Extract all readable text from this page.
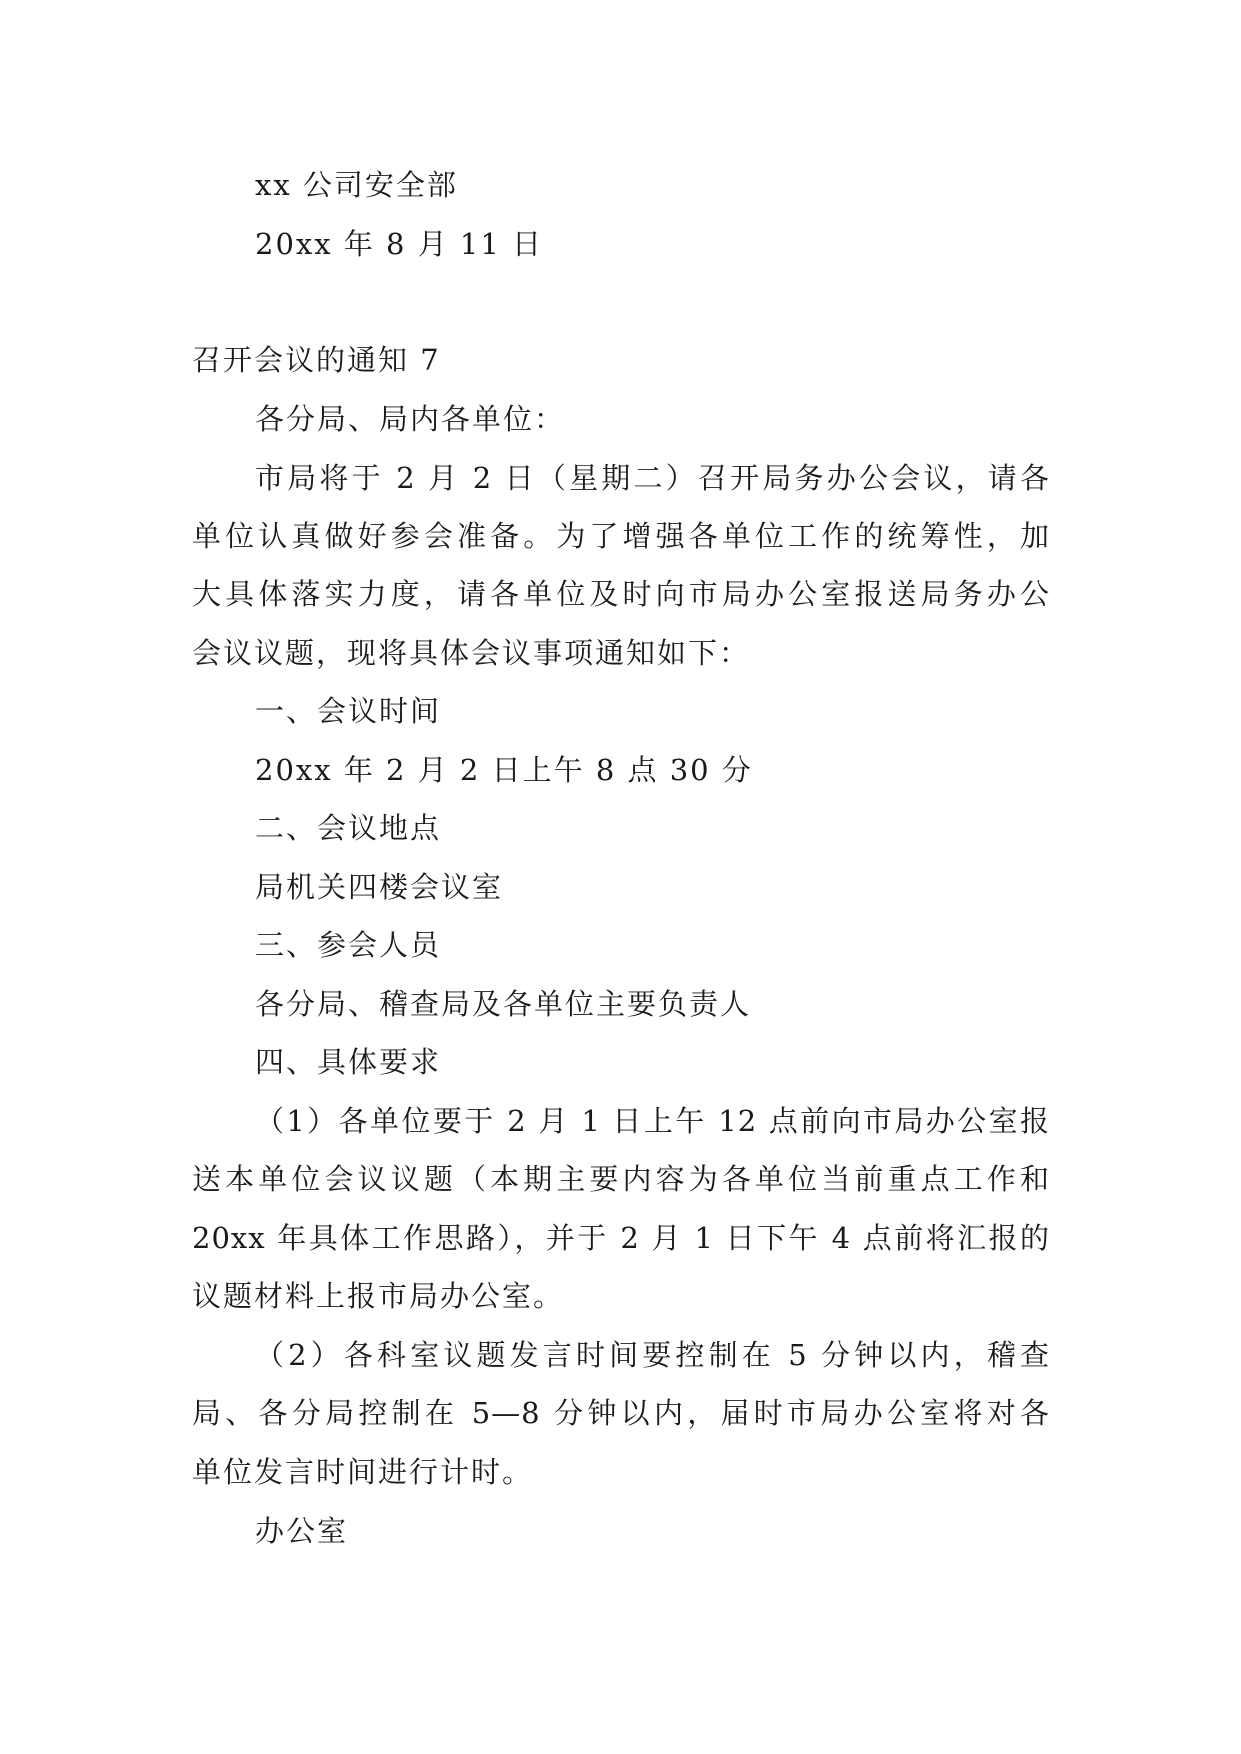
xx 公司安全部
20xx 年 8 月 11 日
召开会议的通知 7
各分局、局内各单位：
市局将于 2 月 2 日（星期二）召开局务办公会议，请各
单位认真做好参会准备。为了增强各单位工作的统筹性，加
大具体落实力度，请各单位及时向市局办公室报送局务办公
会议议题，现将具体会议事项通知如下：
一、会议时间
20xx 年 2 月 2 日上午 8 点 30 分
二、会议地点
局机关四楼会议室
三、参会人员
各分局、稽查局及各单位主要负责人
四、具体要求
（1）各单位要于 2 月 1 日上午 12 点前向市局办公室报
送本单位会议议题（本期主要内容为各单位当前重点工作和
20xx 年具体工作思路），并于 2 月 1 日下午 4 点前将汇报的
议题材料上报市局办公室。
（2）各科室议题发言时间要控制在 5 分钟以内，稽查
局、各分局控制在 5—8 分钟以内，届时市局办公室将对各
单位发言时间进行计时。
办公室
